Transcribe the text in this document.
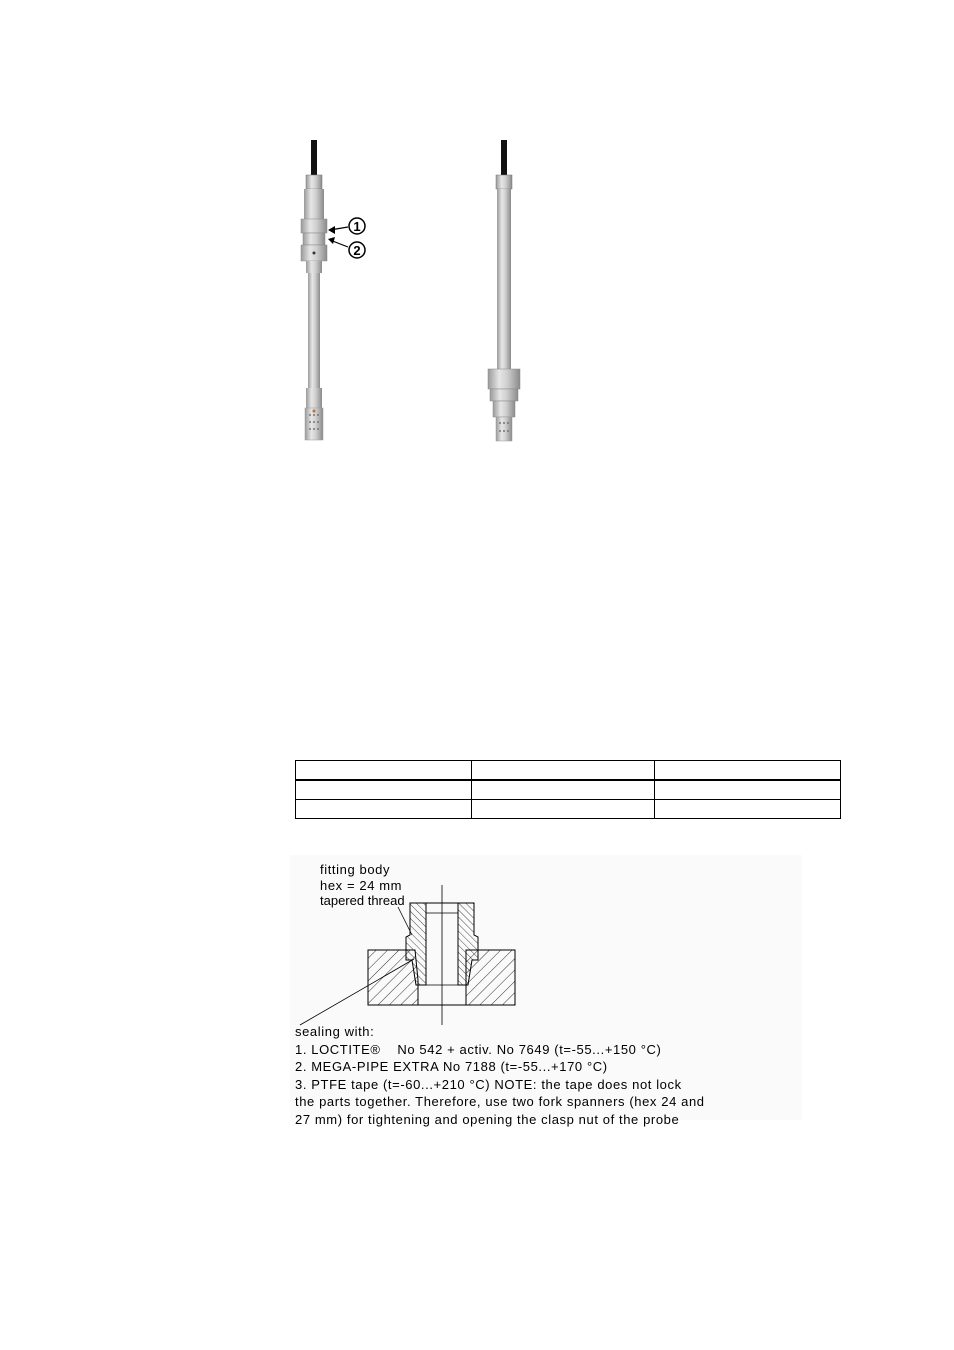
1
2

fitting body
hex = 24 mm
tapered thread
sealing with:
1. LOCTITE®    No 542 + activ. No 7649 (t=-55...+150 °C)
2. MEGA-PIPE EXTRA No 7188 (t=-55...+170 °C)
3. PTFE tape (t=-60...+210 °C) NOTE: the tape does not lock
the parts together. Therefore, use two fork spanners (hex 24 and
27 mm) for tightening and opening the clasp nut of the probe
